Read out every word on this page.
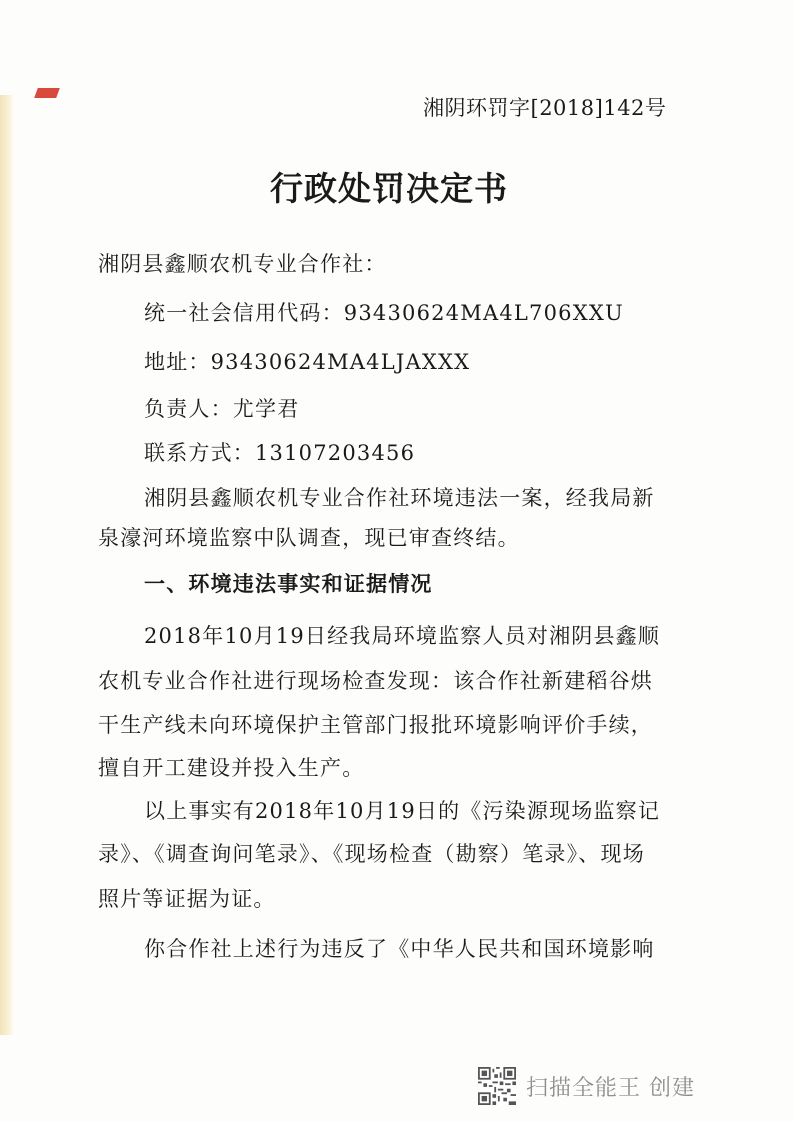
湘阴环罚字[2018]142号
行政处罚决定书
湘阴县鑫顺农机专业合作社：
统一社会信用代码：93430624MA4L706XXU
地址：93430624MA4LJAXXX
负责人：尤学君
联系方式：13107203456
湘阴县鑫顺农机专业合作社环境违法一案，经我局新
泉濠河环境监察中队调查，现已审查终结。
一、环境违法事实和证据情况
2018年10月19日经我局环境监察人员对湘阴县鑫顺
农机专业合作社进行现场检查发现：该合作社新建稻谷烘
干生产线未向环境保护主管部门报批环境影响评价手续，
擅自开工建设并投入生产。
以上事实有2018年10月19日的《污染源现场监察记
录》、《调查询问笔录》、《现场检查（勘察）笔录》、现场
照片等证据为证。
你合作社上述行为违反了《中华人民共和国环境影响
扫描全能王 创建
